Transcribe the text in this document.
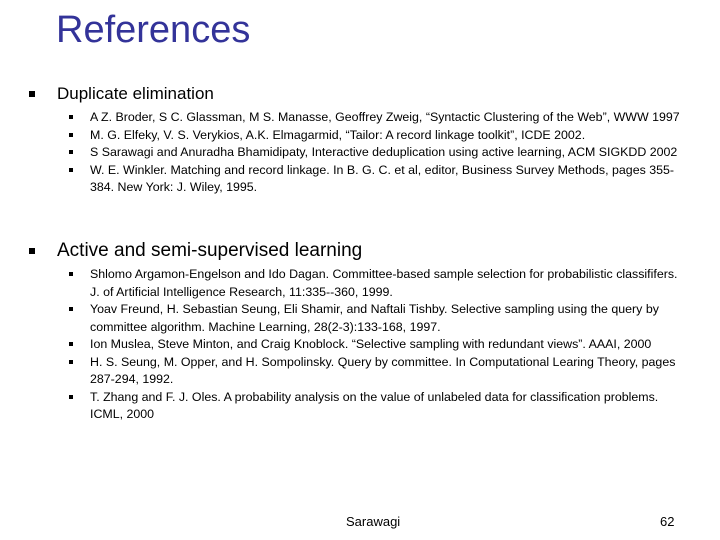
References
Duplicate elimination
A Z. Broder, S C. Glassman, M S. Manasse, Geoffrey Zweig, “Syntactic Clustering of the Web”, WWW 1997
M. G. Elfeky, V. S. Verykios, A.K. Elmagarmid, “Tailor: A record linkage toolkit”, ICDE 2002.
S Sarawagi and Anuradha Bhamidipaty, Interactive deduplication using active learning, ACM SIGKDD 2002
W. E. Winkler. Matching and record linkage. In B. G. C. et al, editor, Business Survey Methods, pages 355-384. New York: J. Wiley, 1995.
Active and semi-supervised learning
Shlomo Argamon-Engelson and Ido Dagan. Committee-based sample selection for probabilistic classififers. J. of Artificial Intelligence Research, 11:335--360, 1999.
Yoav Freund, H. Sebastian Seung, Eli Shamir, and Naftali Tishby. Selective sampling using the query by committee algorithm. Machine Learning, 28(2-3):133-168, 1997.
Ion Muslea, Steve Minton, and Craig Knoblock. “Selective sampling with redundant views”. AAAI, 2000
H. S. Seung, M. Opper, and H. Sompolinsky. Query by committee. In Computational Learing Theory, pages 287-294, 1992.
T. Zhang and F. J. Oles. A probability analysis on the value of unlabeled data for classification problems. ICML, 2000
Sarawagi	62
